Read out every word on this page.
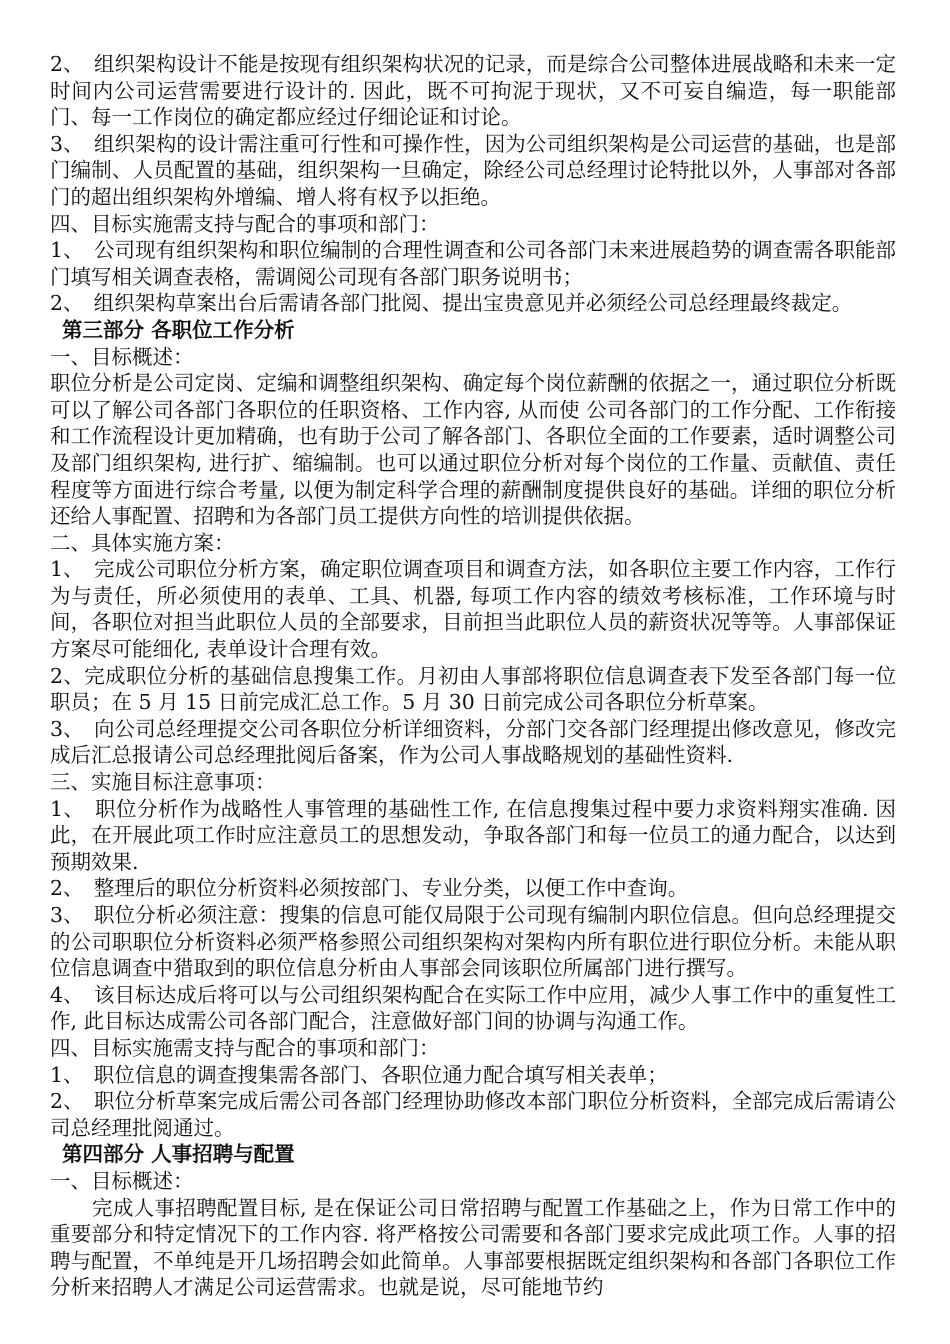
2、　组织架构设计不能是按现有组织架构状况的记录，而是综合公司整体进展战略和未来一定时间内公司运营需要进行设计的. 因此，既不可拘泥于现状，又不可妄自编造，每一职能部门、每一工作岗位的确定都应经过仔细论证和讨论。

3、　组织架构的设计需注重可行性和可操作性，因为公司组织架构是公司运营的基础，也是部门编制、人员配置的基础，组织架构一旦确定，除经公司总经理讨论特批以外，人事部对各部门的超出组织架构外增编、增人将有权予以拒绝。

四、目标实施需支持与配合的事项和部门：

1、　公司现有组织架构和职位编制的合理性调查和公司各部门未来进展趋势的调查需各职能部门填写相关调查表格，需调阅公司现有各部门职务说明书；

2、　组织架构草案出台后需请各部门批阅、提出宝贵意见并必须经公司总经理最终裁定。

第三部分 各职位工作分析

一、目标概述：

职位分析是公司定岗、定编和调整组织架构、确定每个岗位薪酬的依据之一，通过职位分析既可以了解公司各部门各职位的任职资格、工作内容, 从而使 公司各部门的工作分配、工作衔接和工作流程设计更加精确，也有助于公司了解各部门、各职位全面的工作要素，适时调整公司及部门组织架构, 进行扩、缩编制。也可以通过职位分析对每个岗位的工作量、贡献值、责任程度等方面进行综合考量, 以便为制定科学合理的薪酬制度提供良好的基础。详细的职位分析还给人事配置、招聘和为各部门员工提供方向性的培训提供依据。

二、具体实施方案：

1、　完成公司职位分析方案，确定职位调查项目和调查方法，如各职位主要工作内容，工作行为与责任，所必须使用的表单、工具、机器, 每项工作内容的绩效考核标准，工作环境与时间，各职位对担当此职位人员的全部要求，目前担当此职位人员的薪资状况等等。人事部保证方案尽可能细化, 表单设计合理有效。

2、完成职位分析的基础信息搜集工作。月初由人事部将职位信息调查表下发至各部门每一位职员；在 5 月 15 日前完成汇总工作。5 月 30 日前完成公司各职位分析草案。

3、　向公司总经理提交公司各职位分析详细资料，分部门交各部门经理提出修改意见，修改完成后汇总报请公司总经理批阅后备案，作为公司人事战略规划的基础性资料.

三、实施目标注意事项：

1、　职位分析作为战略性人事管理的基础性工作, 在信息搜集过程中要力求资料翔实准确. 因此，在开展此项工作时应注意员工的思想发动，争取各部门和每一位员工的通力配合，以达到预期效果.

2、　整理后的职位分析资料必须按部门、专业分类，以便工作中查询。

3、　职位分析必须注意：搜集的信息可能仅局限于公司现有编制内职位信息。但向总经理提交的公司职职位分析资料必须严格参照公司组织架构对架构内所有职位进行职位分析。未能从职位信息调查中猎取到的职位信息分析由人事部会同该职位所属部门进行撰写。

4、　该目标达成后将可以与公司组织架构配合在实际工作中应用，减少人事工作中的重复性工作, 此目标达成需公司各部门配合，注意做好部门间的协调与沟通工作。

四、目标实施需支持与配合的事项和部门：

1、　职位信息的调查搜集需各部门、各职位通力配合填写相关表单；

2、　职位分析草案完成后需公司各部门经理协助修改本部门职位分析资料，全部完成后需请公司总经理批阅通过。

第四部分 人事招聘与配置

一、目标概述：

完成人事招聘配置目标, 是在保证公司日常招聘与配置工作基础之上，作为日常工作中的重要部分和特定情况下的工作内容. 将严格按公司需要和各部门要求完成此项工作。人事的招聘与配置，不单纯是开几场招聘会如此简单。人事部要根据既定组织架构和各部门各职位工作分析来招聘人才满足公司运营需求。也就是说，尽可能地节约
